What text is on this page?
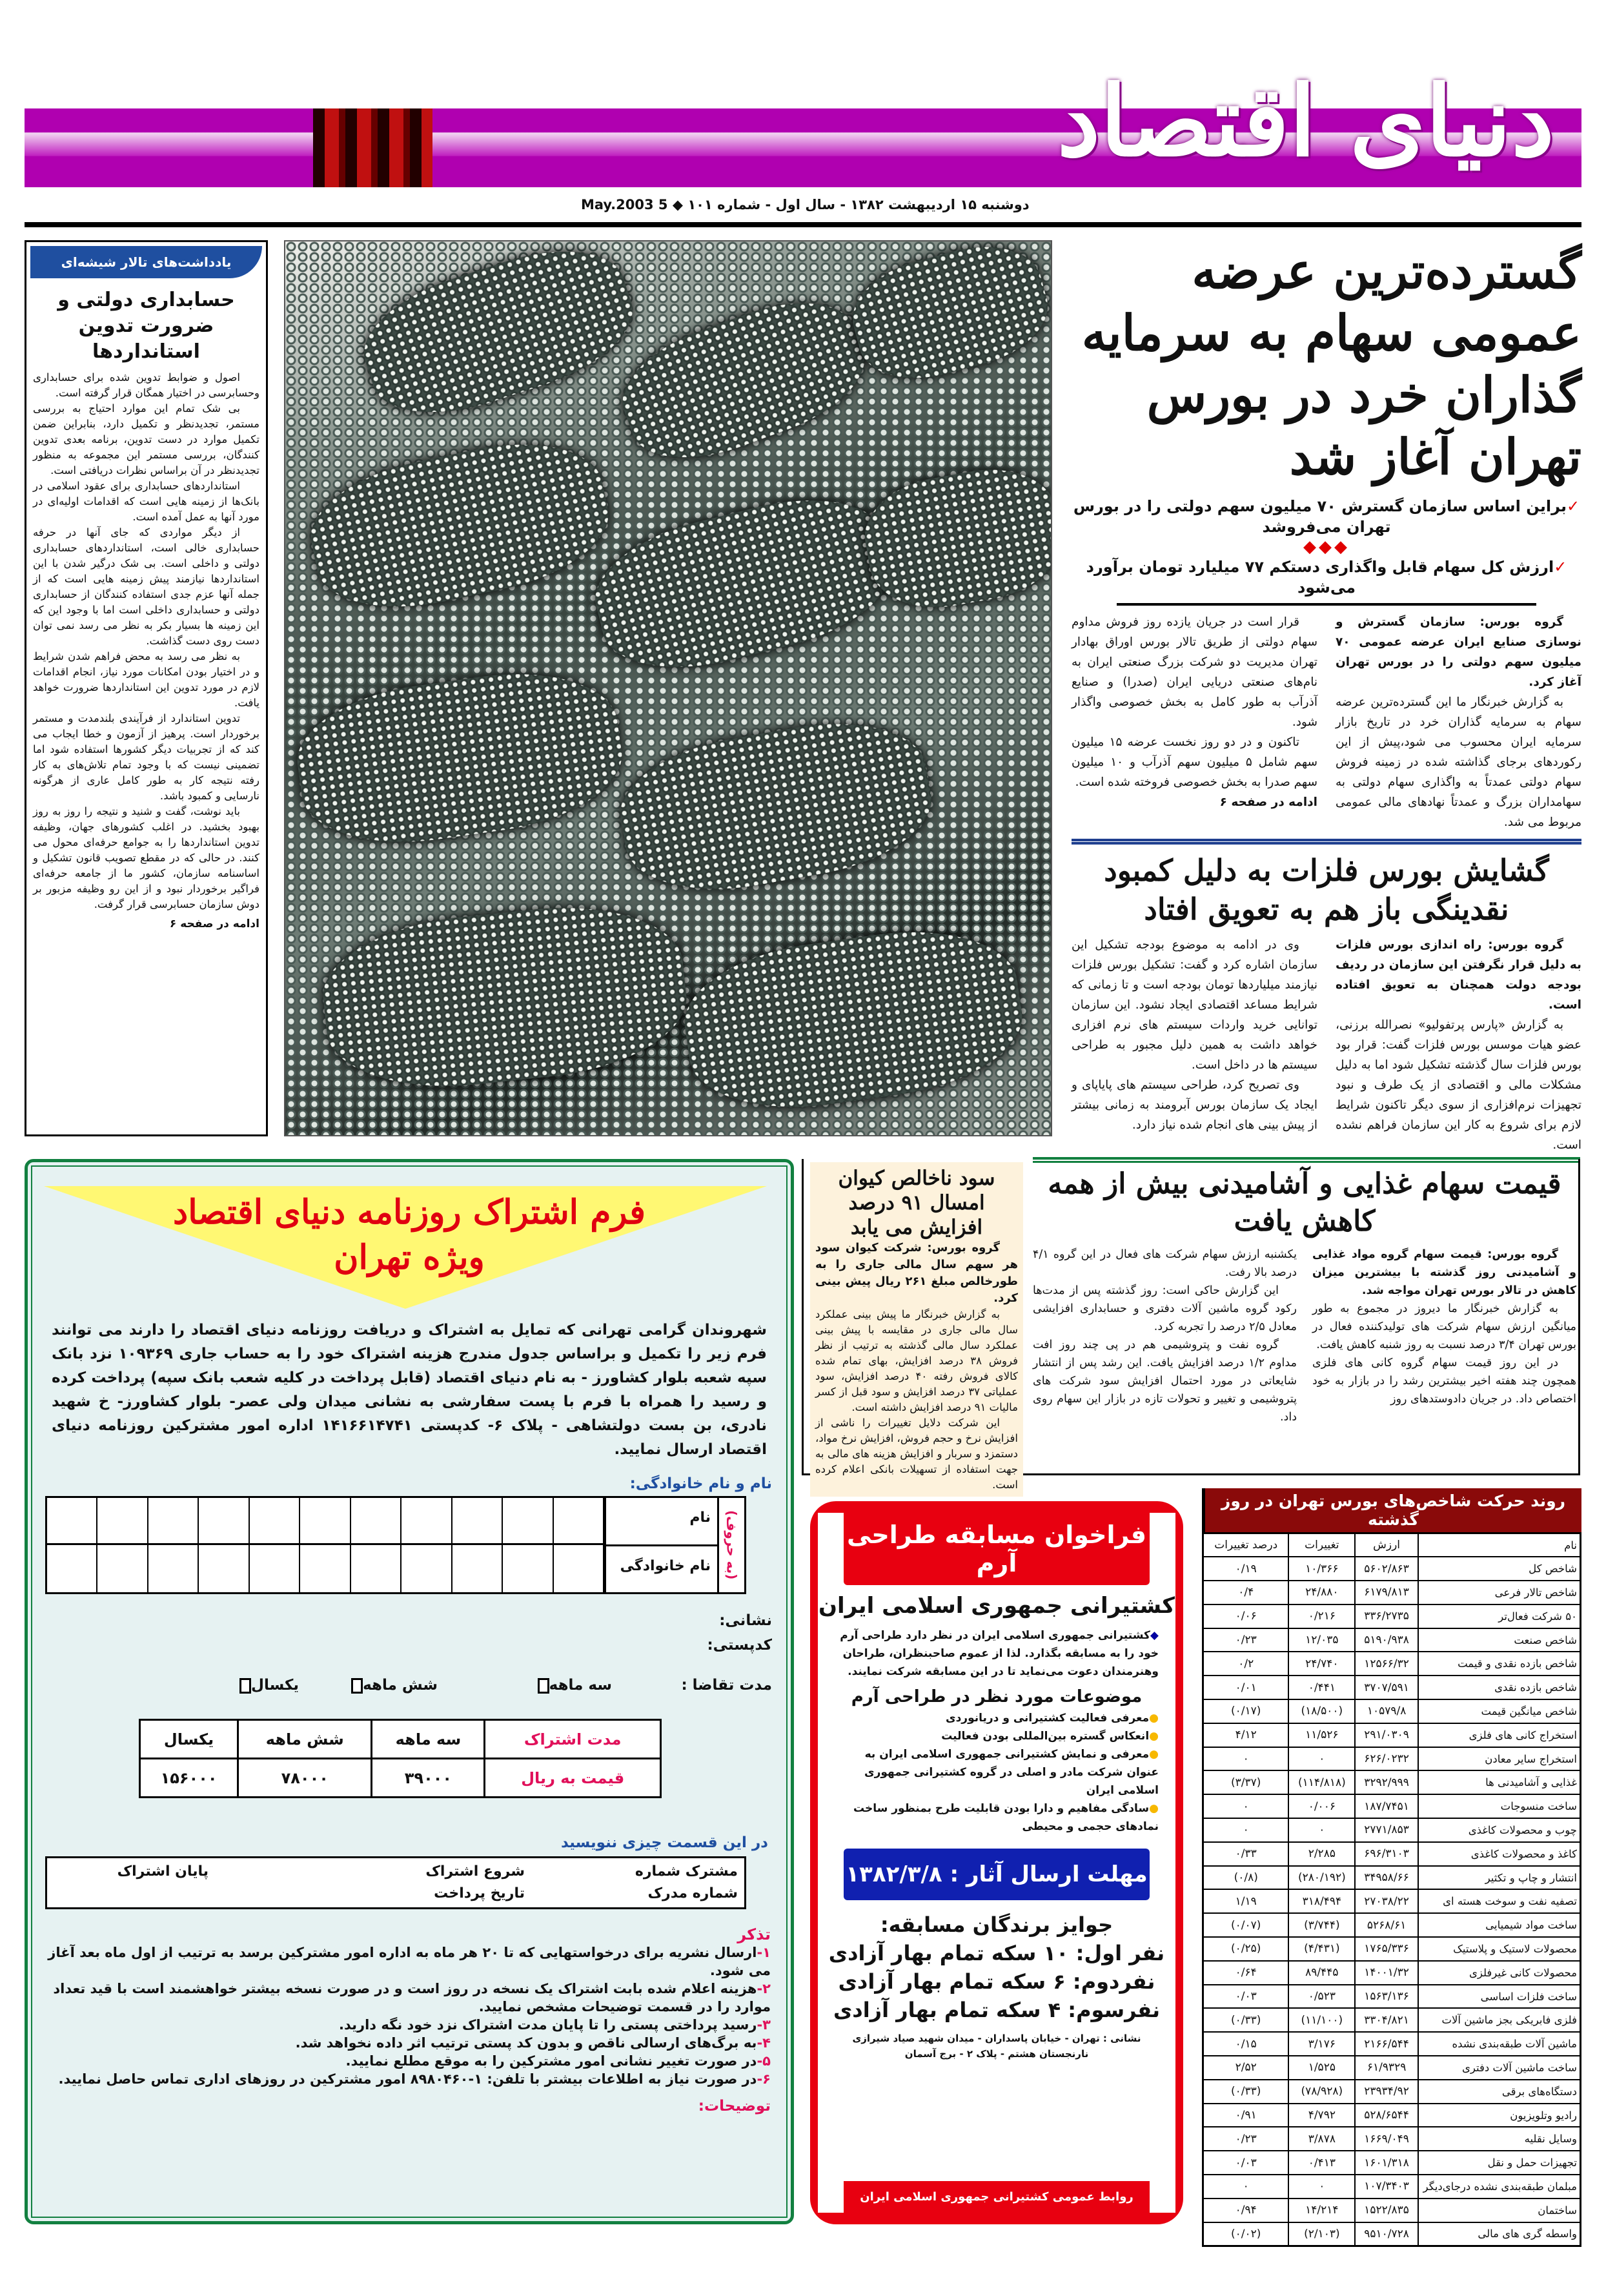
دنیای اقتصاد
دوشنبه ۱۵ اردیبهشت ۱۳۸۲ - سال اول - شماره ۱۰۱ ◆ 5 May.2003
یادداشت‌های تالار شیشه‌ای
حسابداری دولتی و ضرورت تدوین استانداردها

اصول و ضوابط تدوین شده برای حسابداری وحسابرسی در اختیار همگان قرار گرفته است.

بی شک تمام این موارد احتیاج به بررسی مستمر، تجدیدنظر و تکمیل دارد، بنابراین ضمن تکمیل موارد در دست تدوین، برنامه بعدی تدوین کنندگان، بررسی مستمر این مجموعه به منظور تجدیدنظر در آن براساس نظرات دریافتی است.

استانداردهای حسابداری برای عقود اسلامی در بانک‌ها از زمینه هایی است که اقدامات اولیه‌ای در مورد آنها به عمل آمده است.

از دیگر مواردی که جای آنها در حرفه حسابداری خالی است، استانداردهای حسابداری دولتی و داخلی است. بی شک درگیر شدن با این استانداردها نیازمند پیش زمینه هایی است که از جمله آنها عزم جدی استفاده کنندگان از حسابداری دولتی و حسابداری داخلی است اما با وجود این که این زمینه ها بسیار بکر به نظر می رسد نمی توان دست روی دست گذاشت.

به نظر می رسد به محض فراهم شدن شرایط و در اختیار بودن امکانات مورد نیاز، انجام اقدامات لازم در مورد تدوین این استانداردها ضرورت خواهد یافت.

تدوین استاندارد از فرآیندی بلندمدت و مستمر برخوردار است. پرهیز از آزمون و خطا ایجاب می کند که از تجربیات دیگر کشورها استفاده شود اما تضمینی نیست که با وجود تمام تلاش‌های به کار رفته نتیجه کار به طور کامل عاری از هرگونه نارسایی و کمبود باشد.

باید نوشت، گفت و شنید و نتیجه را روز به روز بهبود بخشید. در اغلب کشورهای جهان، وظیفه تدوین استانداردها را به جوامع حرفه‌ای محول می کنند. در حالی که در مقطع تصویب قانون تشکیل و اساسنامه سازمان، کشور ما از جامعه حرفه‌ای فراگیر برخوردار نبود و از این رو وظیفه مزبور بر دوش سازمان حسابرسی قرار گرفت.

ادامه در صفحه ۶
گسترده‌ترین عرضه عمومی سهام به سرمایه گذاران خرد در بورس تهران آغاز شد
✓براین اساس سازمان گسترش ۷۰ میلیون سهم دولتی را در بورس تهران می‌فروشد
◆◆◆
✓ارزش کل سهام قابل واگذاری دستکم ۷۷ میلیارد تومان برآورد می‌شود

گروه بورس: سازمان گسترش و نوسازی صنایع ایران عرضه عمومی ۷۰ میلیون سهم دولتی را در بورس تهران آغاز کرد.

به گزارش خبرنگار ما این گسترده‌ترین عرضه سهام به سرمایه گذاران خرد در تاریخ بازار سرمایه ایران محسوب می شود،پیش از این رکوردهای برجای گذاشته شده در زمینه فروش سهام دولتی عمدتاً به واگذاری سهام دولتی به سهامداران بزرگ و عمدتاً نهادهای مالی عمومی مربوط می شد.

قرار است در جریان یازده روز فروش مداوم سهام دولتی از طریق تالار بورس اوراق بهادار تهران مدیریت دو شرکت بزرگ صنعتی ایران به نام‌های صنعتی دریایی ایران (صدرا) و صنایع آذرآب به طور کامل به بخش خصوصی واگذار شود.

تاکنون و در دو روز نخست عرضه ۱۵ میلیون سهم شامل ۵ میلیون سهم آذرآب و ۱۰ میلیون سهم صدرا به بخش خصوصی فروخته شده است.

ادامه در صفحه ۶

گشایش بورس فلزات به دلیل کمبود نقدینگی باز هم به تعویق افتاد

گروه بورس: راه اندازی بورس فلزات به دلیل قرار نگرفتن این سازمان در ردیف بودجه دولت همچنان به تعویق افتاده است.

به گزارش «پارس پرتفولیو» نصرالله برزنی، عضو هیات موسس بورس فلزات گفت: قرار بود بورس فلزات سال گذشته تشکیل شود اما به دلیل مشکلات مالی و اقتصادی از یک طرف و نبود تجهیزات نرم‌افزاری از سوی دیگر تاکنون شرایط لازم برای شروع به کار این سازمان فراهم نشده است.

وی در ادامه به موضوع بودجه تشکیل این سازمان اشاره کرد و گفت: تشکیل بورس فلزات نیازمند میلیاردها تومان بودجه است و تا زمانی که شرایط مساعد اقتصادی ایجاد نشود. این سازمان توانایی خرید واردات سیستم های نرم افزاری خواهد داشت به همین دلیل مجبور به طراحی سیستم ها در داخل است.

وی تصریح کرد، طراحی سیستم های پایاپای و ایجاد یک سازمان بورس آبرومند به زمانی بیشتر از پیش بینی های انجام شده نیاز دارد.

فرم اشتراک روزنامه دنیای اقتصاد
ویژه تهران
شهروندان گرامی تهرانی که تمایل به اشتراک و دریافت روزنامه دنیای اقتصاد را دارند می توانند فرم زیر را تکمیل و براساس جدول مندرج هزینه اشتراک خود را به حساب جاری ۱۰۹۳۶۹ نزد بانک سپه شعبه بلوار کشاورز - به نام دنیای اقتصاد (قابل پرداخت در کلیه شعب بانک سپه) پرداخت کرده و رسید را همراه با فرم با پست سفارشی به نشانی میدان ولی عصر- بلوار کشاورز- خ شهید نادری، بن بست دولتشاهی - پلاک ۶- کدپستی ۱۴۱۶۶۱۴۷۴۱ اداره امور مشترکین روزنامه دنیای اقتصاد ارسال نمایید.
نام و نام خانوادگی:
(به حروف)
نام
نام خانوادگی
نشانی:
کدپستی:
مدت تقاضا :
سه ماهه
شش ماهه
یکسال
مدت اشتراک	سه ماهه	شش ماهه	یکسال
قیمت به ریال	۳۹۰۰۰	۷۸۰۰۰	۱۵۶۰۰۰
در این قسمت چیزی ننویسید
مشترک شماره
شروع اشتراک
پایان اشتراک
شماره مدرک
تاریخ پرداخت
تذکر
۱-ارسال نشریه برای درخواستهایی که تا ۲۰ هر ماه به اداره امور مشترکین برسد به ترتیب از اول ماه بعد آغاز می شود.
۲-هزینه اعلام شده بابت اشتراک یک نسخه در روز است و در صورت نسخه بیشتر خواهشمند است با قید تعداد موارد را در قسمت توضیحات مشخص نمایید.
۳-رسید پرداختی پستی را تا پایان مدت اشتراک نزد خود نگه دارید.
۴-به برگ‌های ارسالی ناقص و بدون کد پستی ترتیب اثر داده نخواهد شد.
۵-در صورت تغییر نشانی امور مشترکین را به موقع مطلع نمایید.
۶-در صورت نیاز به اطلاعات بیشتر با تلفن: ۱-۸۹۸۰۴۶۰ امور مشترکین در روزهای اداری تماس حاصل نمایید.
توضیحات:
سود ناخالص کیوان امسال ۹۱ درصد افزایش می یابد

گروه بورس: شرکت کیوان سود هر سهم سال مالی جاری را به طورخالص مبلغ ۲۶۱ ریال پیش بینی کرد.

به گزارش خبرنگار ما پیش بینی عملکرد سال مالی جاری در مقایسه با پیش بینی عملکرد سال مالی گذشته به ترتیب از نظر فروش ۳۸ درصد افزایش، بهای تمام شده کالای فروش رفته ۴۰ درصد افزایش، سود عملیاتی ۳۷ درصد افزایش و سود قبل از کسر مالیات ۹۱ درصد افزایش داشته است.

این شرکت دلایل تغییرات را ناشی از افزایش نرخ و حجم فروش، افزایش نرخ مواد، دستمزد و سربار و افزایش هزینه های مالی به جهت استفاده از تسهیلات بانکی اعلام کرده است.

قیمت سهام غذایی و آشامیدنی بیش از همه کاهش یافت

گروه بورس: قیمت سهام گروه مواد غذایی و آشامیدنی روز گذشته با بیشترین میزان کاهش در تالار بورس تهران مواجه شد.

به گزارش خبرنگار ما دیروز در مجموع به طور میانگین ارزش سهام شرکت های تولیدکننده فعال در بورس تهران ۳/۴ درصد نسبت به روز شنبه کاهش یافت.

در این روز قیمت سهام گروه کانی های فلزی همچون چند هفته اخیر بیشترین رشد را در بازار به خود اختصاص داد. در جریان دادوستدهای روز

یکشنبه ارزش سهام شرکت های فعال در این گروه ۴/۱ درصد بالا رفت.

این گزارش حاکی است: روز گذشته پس از مدت‌ها رکود گروه ماشین آلات دفتری و حسابداری افزایشی معادل ۲/۵ درصد را تجربه کرد.

گروه نفت و پتروشیمی هم در پی چند روز افت مداوم ۱/۲ درصد افزایش یافت. این رشد پس از انتشار شایعاتی در مورد احتمال افزایش سود شرکت های پتروشیمی و تغییر و تحولات تازه در بازار این سهام روی داد.

فراخوان مسابقه طراحی آرم
کشتیرانی جمهوری اسلامی ایران
◆کشتیرانی جمهوری اسلامی ایران در نظر دارد طراحی آرم خود را به مسابقه بگذارد. لذا از عموم صاحبنظران، طراحان وهنرمندان دعوت می‌نماید تا در این مسابقه شرکت نمایند.
موضوعات مورد نظر در طراحی آرم
●معرفی فعالیت کشتیرانی و دریانوردی
●انعکاس گستره بین‌المللی بودن فعالیت
●معرفی و نمایش کشتیرانی جمهوری اسلامی ایران به عنوان شرکت مادر و اصلی در گروه کشتیرانی جمهوری اسلامی ایران
●سادگی مفاهیم و دارا بودن قابلیت طرح بمنظور ساخت نمادهای حجمی و محیطی
مهلت ارسال آثار : ۱۳۸۲/۳/۸
جوایز برندگان مسابقه:
نفر اول: ۱۰ سکه تمام بهار آزادی
نفردوم: ۶ سکه تمام بهار آزادی
نفرسوم: ۴ سکه تمام بهار آزادی
نشانی : تهران - خیابان پاسداران - میدان شهید صیاد شیرازی نارنجستان هشتم - پلاک ۲ - برج آسمان
روابط عمومی کشتیرانی جمهوری اسلامی ایران
روند حرکت شاخص‌های بورس تهران در روز گذشته
نام	ارزش	تغییرات	درصد تغییرات
شاخص کل	۵۶۰۲/۸۶۳	۱۰/۳۶۶	۰/۱۹
شاخص تالار فرعی	۶۱۷۹/۸۱۳	۲۴/۸۸۰	۰/۴
۵۰ شرکت فعال‌تر	۳۳۶/۲۷۳۵	۰/۲۱۶	۰/۰۶
شاخص صنعت	۵۱۹۰/۹۳۸	۱۲/۰۳۵	۰/۲۳
شاخص بازده نقدی و قیمت	۱۲۵۶۶/۳۲	۲۴/۷۴۰	۰/۲
شاخص بازده نقدی	۳۷۰۷/۵۹۱	۰/۴۴۱	۰/۰۱
شاخص میانگین قیمت	۱۰۵۷۹/۸	(۱۸/۵۰۰)	(۰/۱۷)
استخراج کانی های فلزی	۲۹۱/۰۳۰۹	۱۱/۵۲۶	۴/۱۲
استخراج سایر معادن	۶۲۶/۰۲۳۲	۰	۰
غذایی و آشامیدنی ها	۳۲۹۲/۹۹۹	(۱۱۴/۸۱۸)	(۳/۳۷)
ساخت منسوجات	۱۸۷/۷۴۵۱	۰/۰۰۶	۰
چوب و محصولات کاغذی	۲۷۷۱/۸۵۳	۰	۰
کاغذ و محصولات کاغذی	۶۹۶/۳۱۰۳	۲/۲۸۵	۰/۳۳
انتشار و چاپ و تکثیر	۳۴۹۵۸/۶۶	(۲۸۰/۱۹۲)	(۰/۸)
تصفیه نفت و سوخت هسته ای	۲۷۰۳۸/۲۲	۳۱۸/۴۹۴	۱/۱۹
ساخت مواد شیمیایی	۵۲۶۸/۶۱	(۳/۷۴۴)	(۰/۰۷)
محصولات لاستیک و پلاستیک	۱۷۶۵/۳۳۶	(۴/۴۳۱)	(۰/۲۵)
محصولات کانی غیرفلزی	۱۴۰۰۱/۳۲	۸۹/۴۴۵	۰/۶۴
ساخت فلزات اساسی	۱۵۶۳/۱۳۶	۰/۵۲۳	۰/۰۳
فلزی فابریکی بجز ماشین آلات	۳۳۰۴/۸۲۱	(۱۱/۱۰۰)	(۰/۳۳)
ماشین آلات طبقه‌بندی نشده	۲۱۶۶/۵۴۴	۳/۱۷۶	۰/۱۵
ساخت ماشین آلات دفتری	۶۱/۹۳۲۹	۱/۵۲۵	۲/۵۲
دستگاه‌های برقی	۲۳۹۳۴/۹۲	(۷۸/۹۲۸)	(۰/۳۳)
رادیو وتلویزیون	۵۲۸/۶۵۴۴	۴/۷۹۲	۰/۹۱
وسایل نقلیه	۱۶۶۹/۰۴۹	۳/۸۷۸	۰/۲۳
تجهیزات حمل و نقل	۱۶۰۱/۳۱۸	۰/۴۱۳	۰/۰۳
مبلمان طبقه‌بندی نشده درجای‌دیگر	۱۰۷/۳۴۰۳	۰	۰
ساختمان	۱۵۲۲/۸۳۵	۱۴/۲۱۴	۰/۹۴
واسطه گری های مالی	۹۵۱۰/۷۲۸	(۲/۱۰۳)	(۰/۰۲)
